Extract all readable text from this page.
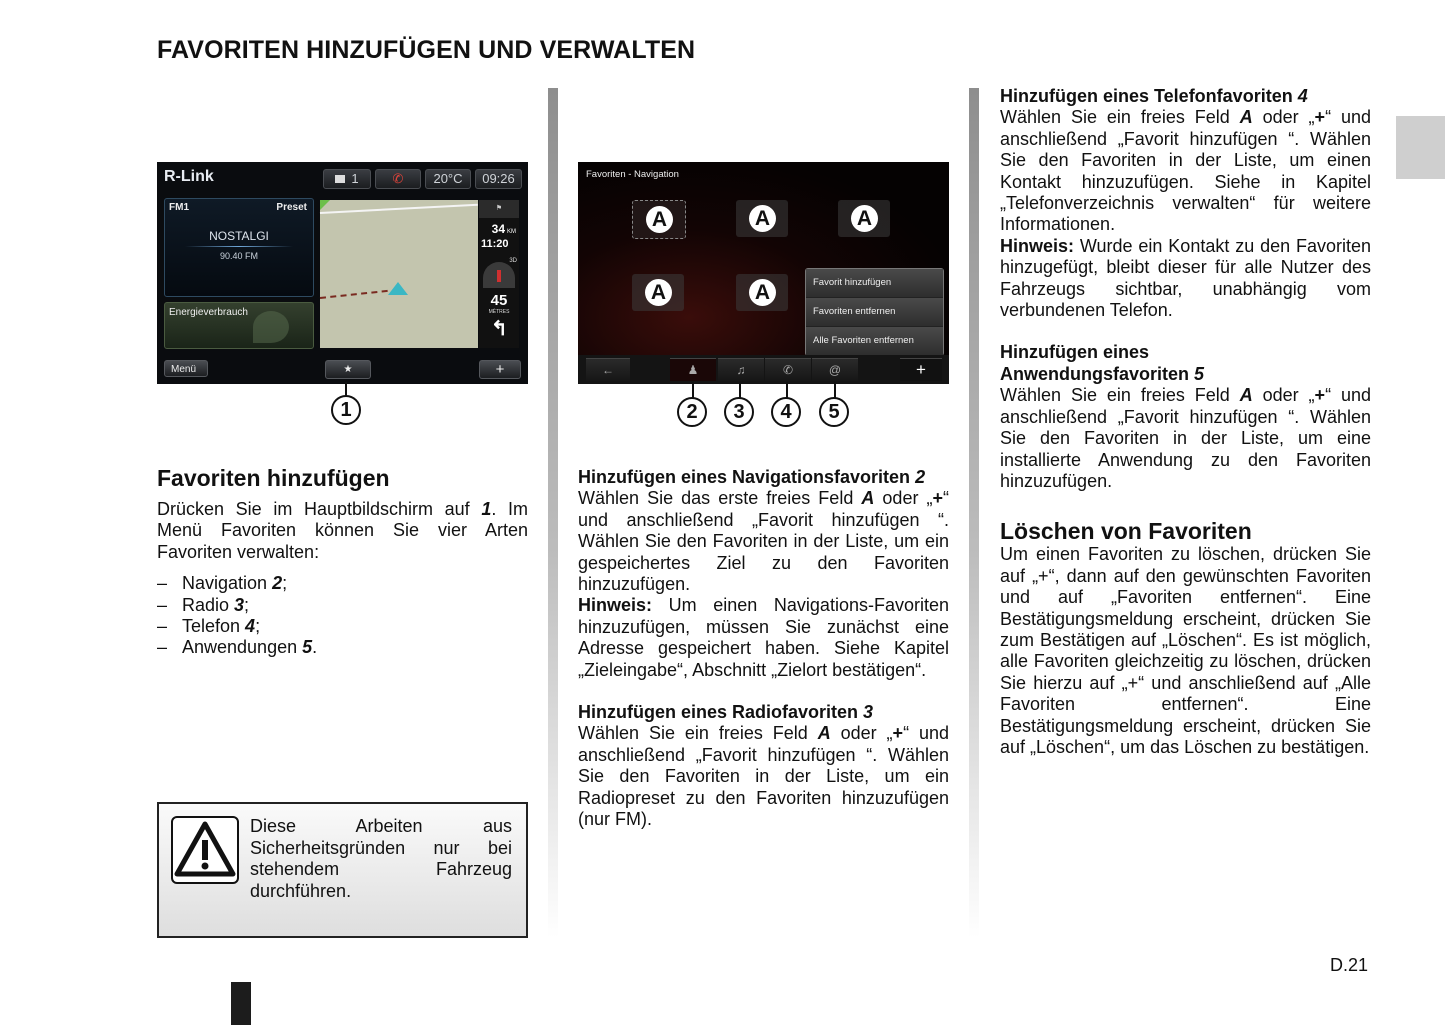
FAVORITEN HINZUFÜGEN UND VERWALTEN
D.21
R-Link	1	✆	20°C	09:26
FM1	Preset
NOSTALGI
90.40 FM
Energieverbrauch
⚑
34 KM
11:20
3D
45
MÈTRES
↰
Menü	★	+
1
Favoriten - Navigation
A	A	A
A	A	Favorit hinzufügen
Favoriten entfernen
Alle Favoriten entfernen
←	♟	♫	✆	@	+
2	3	4	5
Favoriten hinzufügen

Drücken Sie im Hauptbildschirm auf 1. Im Menü Favoriten können Sie vier Arten Favoriten verwalten:

– Navigation 2;
– Radio 3;
– Telefon 4;
– Anwendungen 5.
Diese Arbeiten aus Sicherheitsgründen nur bei stehendem Fahrzeug durchführen.

Hinzufügen eines Navigationsfavoriten 2

Wählen Sie das erste freies Feld A oder „+“ und anschließend „Favorit hinzufügen “. Wählen Sie den Favoriten in der Liste, um ein gespeichertes Ziel zu den Favoriten hinzuzufügen.

Hinweis: Um einen Navigations-Favoriten hinzuzufügen, müssen Sie zunächst eine Adresse gespeichert haben. Siehe Kapitel „Zieleingabe“, Abschnitt „Zielort bestätigen“.

Hinzufügen eines Radiofavoriten 3

Wählen Sie ein freies Feld A oder „+“ und anschließend „Favorit hinzufügen “. Wählen Sie den Favoriten in der Liste, um ein Radiopreset zu den Favoriten hinzuzufügen (nur FM).

Hinzufügen eines Telefonfavoriten 4

Wählen Sie ein freies Feld A oder „+“ und anschließend „Favorit hinzufügen “. Wählen Sie den Favoriten in der Liste, um einen Kontakt hinzuzufügen. Siehe in Kapitel „Telefonverzeichnis verwalten“ für weitere Informationen.

Hinweis: Wurde ein Kontakt zu den Favoriten hinzugefügt, bleibt dieser für alle Nutzer des Fahrzeugs sichtbar, unabhängig vom verbundenen Telefon.

Hinzufügen eines
Anwendungsfavoriten 5

Wählen Sie ein freies Feld A oder „+“ und anschließend „Favorit hinzufügen “. Wählen Sie den Favoriten in der Liste, um eine installierte Anwendung zu den Favoriten hinzuzufügen.

Löschen von Favoriten

Um einen Favoriten zu löschen, drücken Sie auf „+“, dann auf den gewünschten Favoriten und auf „Favoriten entfernen“. Eine Bestätigungsmeldung erscheint, drücken Sie zum Bestätigen auf „Löschen“. Es ist möglich, alle Favoriten gleichzeitig zu löschen, drücken Sie hierzu auf „+“ und anschließend auf „Alle Favoriten entfernen“. Eine Bestätigungsmeldung erscheint, drücken Sie auf „Löschen“, um das Löschen zu bestätigen.
